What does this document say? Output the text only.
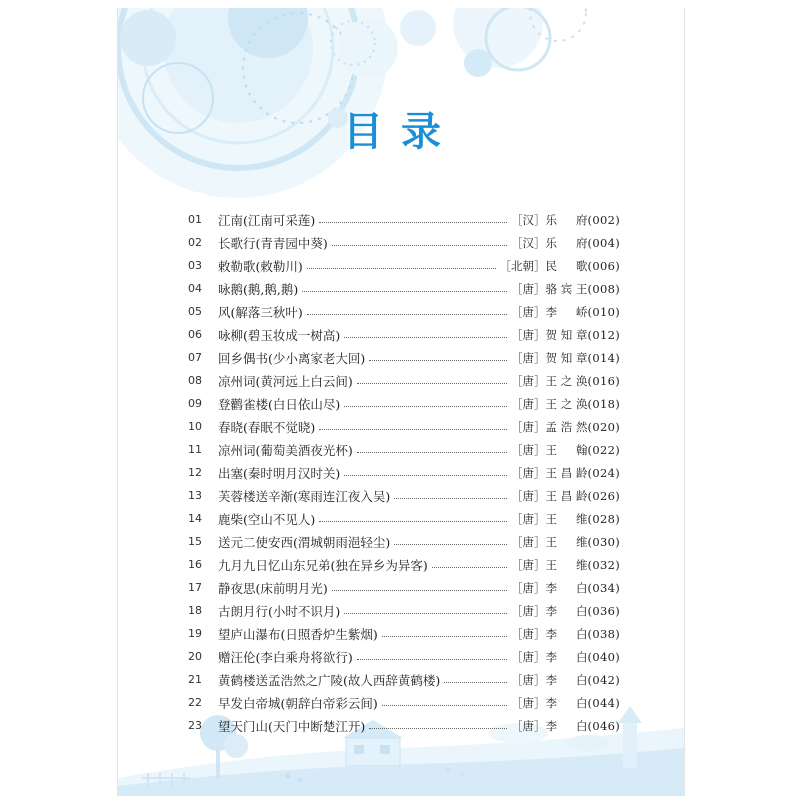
目录
01	江南(江南可采莲)	［汉］ 乐 府 (002)
02	长歌行(青青园中葵)	［汉］ 乐 府 (004)
03	敕勒歌(敕勒川)	［北朝］ 民 歌 (006)
04	咏鹅(鹅,鹅,鹅)	［唐］ 骆宾王 (008)
05	风(解落三秋叶)	［唐］ 李 峤 (010)
06	咏柳(碧玉妆成一树高)	［唐］ 贺知章 (012)
07	回乡偶书(少小离家老大回)	［唐］ 贺知章 (014)
08	凉州词(黄河远上白云间)	［唐］ 王之涣 (016)
09	登鹳雀楼(白日依山尽)	［唐］ 王之涣 (018)
10	春晓(春眠不觉晓)	［唐］ 孟浩然 (020)
11	凉州词(葡萄美酒夜光杯)	［唐］ 王 翰 (022)
12	出塞(秦时明月汉时关)	［唐］ 王昌龄 (024)
13	芙蓉楼送辛渐(寒雨连江夜入吴)	［唐］ 王昌龄 (026)
14	鹿柴(空山不见人)	［唐］ 王 维 (028)
15	送元二使安西(渭城朝雨浥轻尘)	［唐］ 王 维 (030)
16	九月九日忆山东兄弟(独在异乡为异客)	［唐］ 王 维 (032)
17	静夜思(床前明月光)	［唐］ 李 白 (034)
18	古朗月行(小时不识月)	［唐］ 李 白 (036)
19	望庐山瀑布(日照香炉生紫烟)	［唐］ 李 白 (038)
20	赠汪伦(李白乘舟将欲行)	［唐］ 李 白 (040)
21	黄鹤楼送孟浩然之广陵(故人西辞黄鹤楼)	［唐］ 李 白 (042)
22	早发白帝城(朝辞白帝彩云间)	［唐］ 李 白 (044)
23	望天门山(天门中断楚江开)	［唐］ 李 白 (046)
